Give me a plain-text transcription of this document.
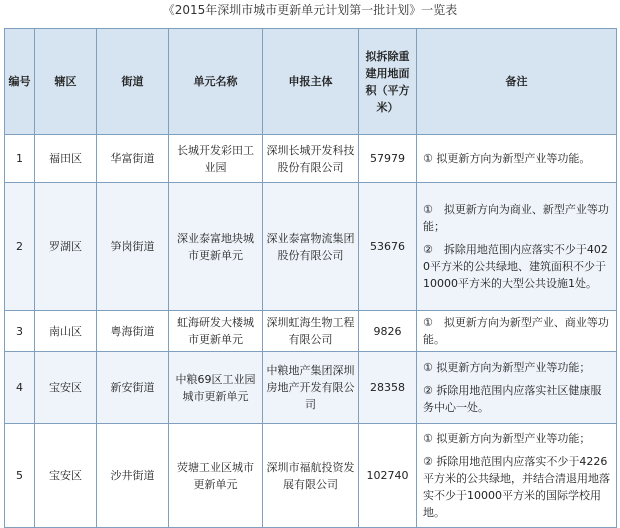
《2015年深圳市城市更新单元计划第一批计划》一览表
编号	辖区	街道	单元名称	申报主体	拟拆除重建用地面积（平方米）	备注
1	福田区	华富街道	长城开发彩田工业园	深圳长城开发科技股份有限公司	57979	① 拟更新方向为新型产业等功能。

2	罗湖区	笋岗街道	深业泰富地块城市更新单元	深业泰富物流集团股份有限公司	53676	①　拟更新方向为商业、新型产业等功能；

②　拆除用地范围内应落实不少于4020平方米的公共绿地、建筑面积不少于10000平方米的大型公共设施1处。

3	南山区	粤海街道	虹海研发大楼城市更新单元	深圳虹海生物工程有限公司	9826	①　拟更新方向为新型产业、商业等功能。

4	宝安区	新安街道	中粮69区工业园城市更新单元	中粮地产集团深圳房地产开发有限公司	28358	① 拟更新方向为新型产业等功能；

② 拆除用地范围内应落实社区健康服务中心一处。

5	宝安区	沙井街道	荧塘工业区城市更新单元	深圳市福航投资发展有限公司	102740	① 拟更新方向为新型产业等功能；

② 拆除用地范围内应落实不少于4226平方米的公共绿地，并结合清退用地落实不少于10000平方米的国际学校用地。
